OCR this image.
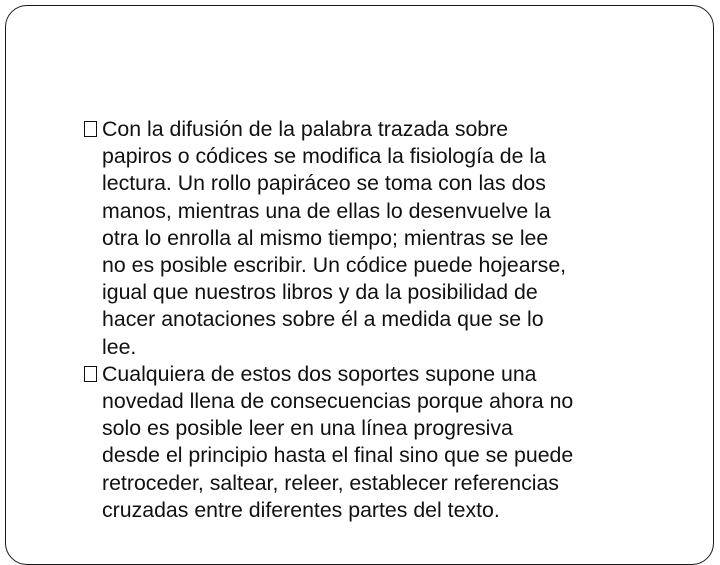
Con la difusión de la palabra trazada sobre
papiros o códices se modifica la fisiología de la
lectura. Un rollo papiráceo se toma con las dos
manos, mientras una de ellas lo desenvuelve la
otra lo enrolla al mismo tiempo; mientras se lee
no es posible escribir. Un códice puede hojearse,
igual que nuestros libros y da la posibilidad de
hacer anotaciones sobre él a medida que se lo
lee.

Cualquiera de estos dos soportes supone una
novedad llena de consecuencias porque ahora no
solo es posible leer en una línea progresiva
desde el principio hasta el final sino que se puede
retroceder, saltear, releer, establecer referencias
cruzadas entre diferentes partes del texto.
